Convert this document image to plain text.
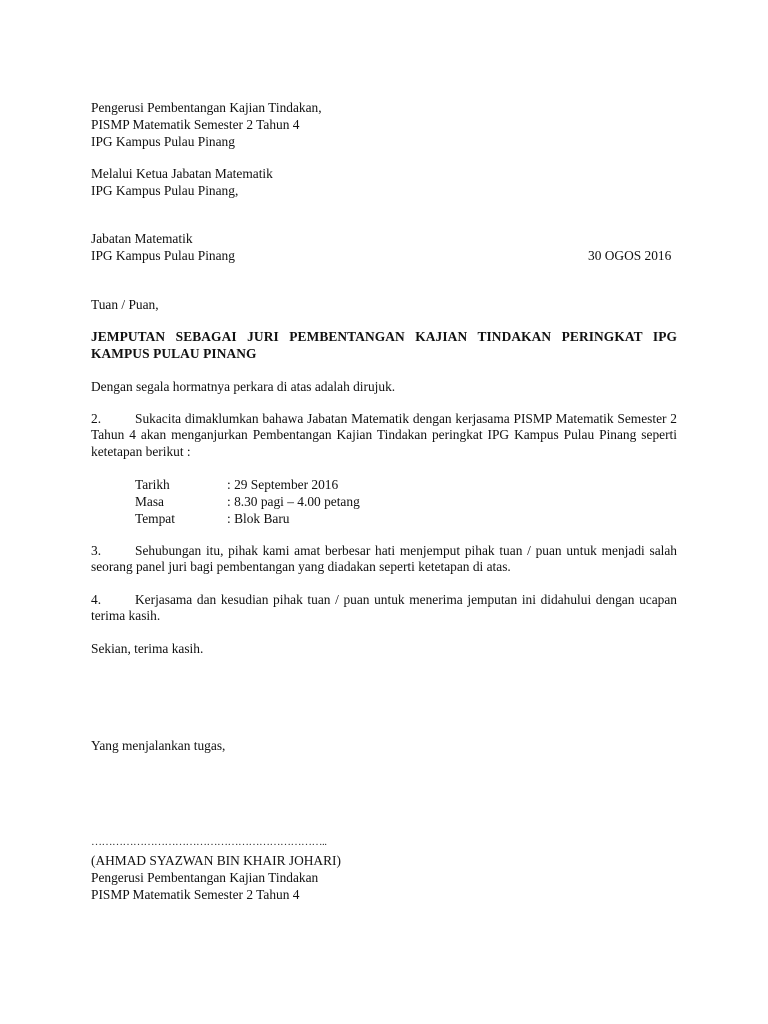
Pengerusi Pembentangan Kajian Tindakan,
PISMP Matematik Semester 2 Tahun 4
IPG Kampus Pulau Pinang
Melalui Ketua Jabatan Matematik
IPG Kampus Pulau Pinang,
Jabatan Matematik
IPG Kampus Pulau Pinang	30 OGOS 2016
Tuan / Puan,
JEMPUTAN SEBAGAI JURI PEMBENTANGAN KAJIAN TINDAKAN PERINGKAT IPG KAMPUS PULAU PINANG
Dengan segala hormatnya perkara di atas adalah dirujuk.
2.	Sukacita dimaklumkan bahawa Jabatan Matematik dengan kerjasama PISMP Matematik Semester 2 Tahun 4 akan menganjurkan Pembentangan Kajian Tindakan peringkat IPG Kampus Pulau Pinang seperti ketetapan berikut :
Tarikh	: 29 September 2016
Masa	: 8.30 pagi – 4.00 petang
Tempat	: Blok Baru
3.	Sehubungan itu, pihak kami amat berbesar hati menjemput pihak tuan / puan untuk menjadi salah seorang panel juri bagi pembentangan yang diadakan seperti ketetapan di atas.
4.	Kerjasama dan kesudian pihak tuan / puan untuk menerima jemputan ini didahului dengan ucapan terima kasih.
Sekian, terima kasih.
Yang menjalankan tugas,
…………………………………………………………..
(AHMAD SYAZWAN BIN KHAIR JOHARI)
Pengerusi Pembentangan Kajian Tindakan
PISMP Matematik Semester 2 Tahun 4
